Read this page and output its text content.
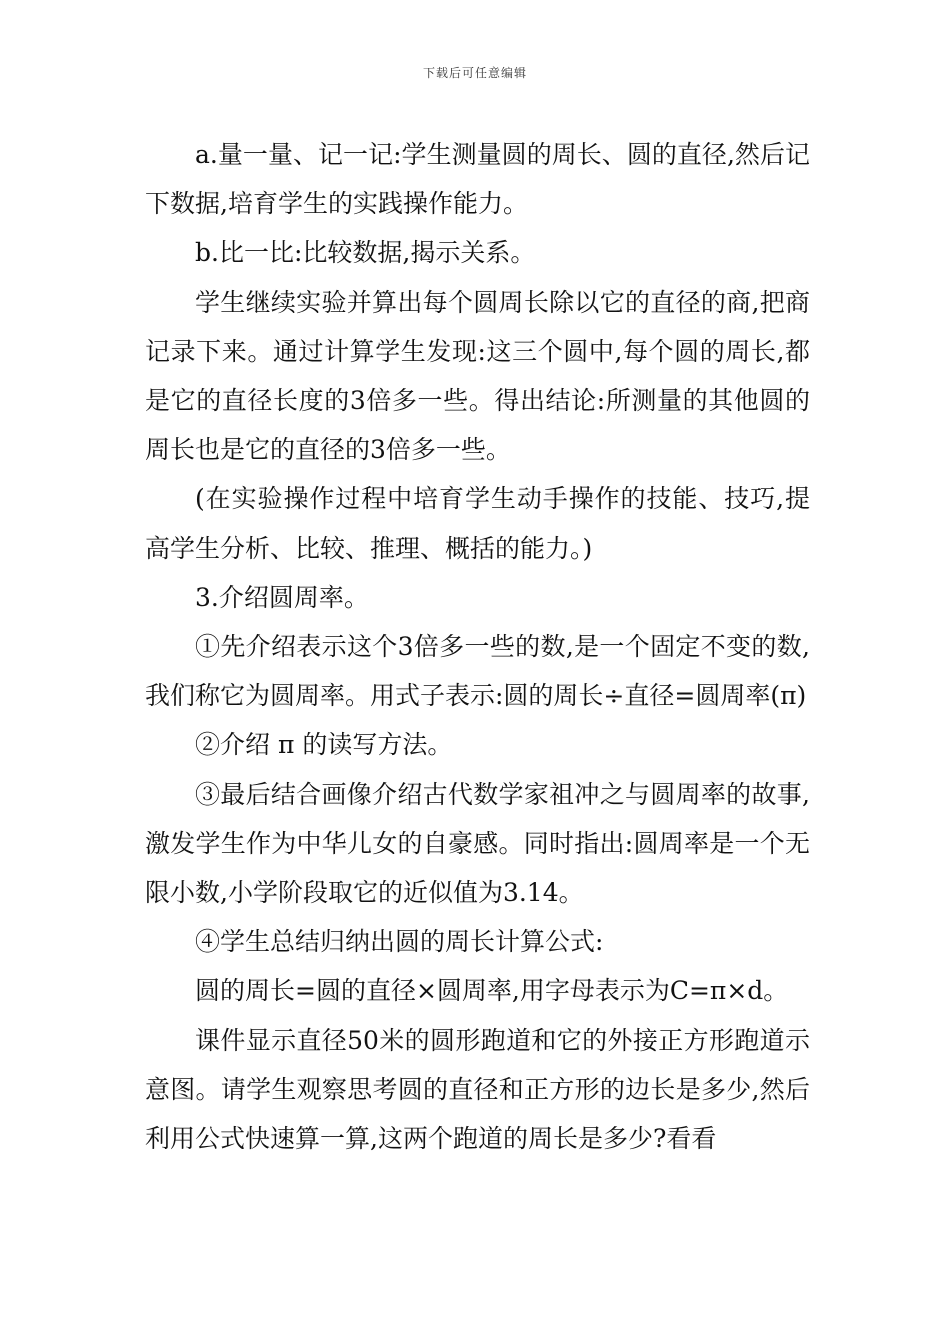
下载后可任意编辑

a.量一量、记一记:学生测量圆的周长、圆的直径,然后记下数据,培育学生的实践操作能力。

b.比一比:比较数据,揭示关系。

学生继续实验并算出每个圆周长除以它的直径的商,把商记录下来。通过计算学生发现:这三个圆中,每个圆的周长,都是它的直径长度的3倍多一些。得出结论:所测量的其他圆的周长也是它的直径的3倍多一些。

(在实验操作过程中培育学生动手操作的技能、技巧,提高学生分析、比较、推理、概括的能力。)

3.介绍圆周率。

①先介绍表示这个3倍多一些的数,是一个固定不变的数,我们称它为圆周率。用式子表示:圆的周长÷直径=圆周率(π)

②介绍 π 的读写方法。

③最后结合画像介绍古代数学家祖冲之与圆周率的故事,激发学生作为中华儿女的自豪感。同时指出:圆周率是一个无限小数,小学阶段取它的近似值为3.14。

④学生总结归纳出圆的周长计算公式:

圆的周长=圆的直径×圆周率,用字母表示为C=π×d。

课件显示直径50米的圆形跑道和它的外接正方形跑道示意图。请学生观察思考圆的直径和正方形的边长是多少,然后利用公式快速算一算,这两个跑道的周长是多少?看看
